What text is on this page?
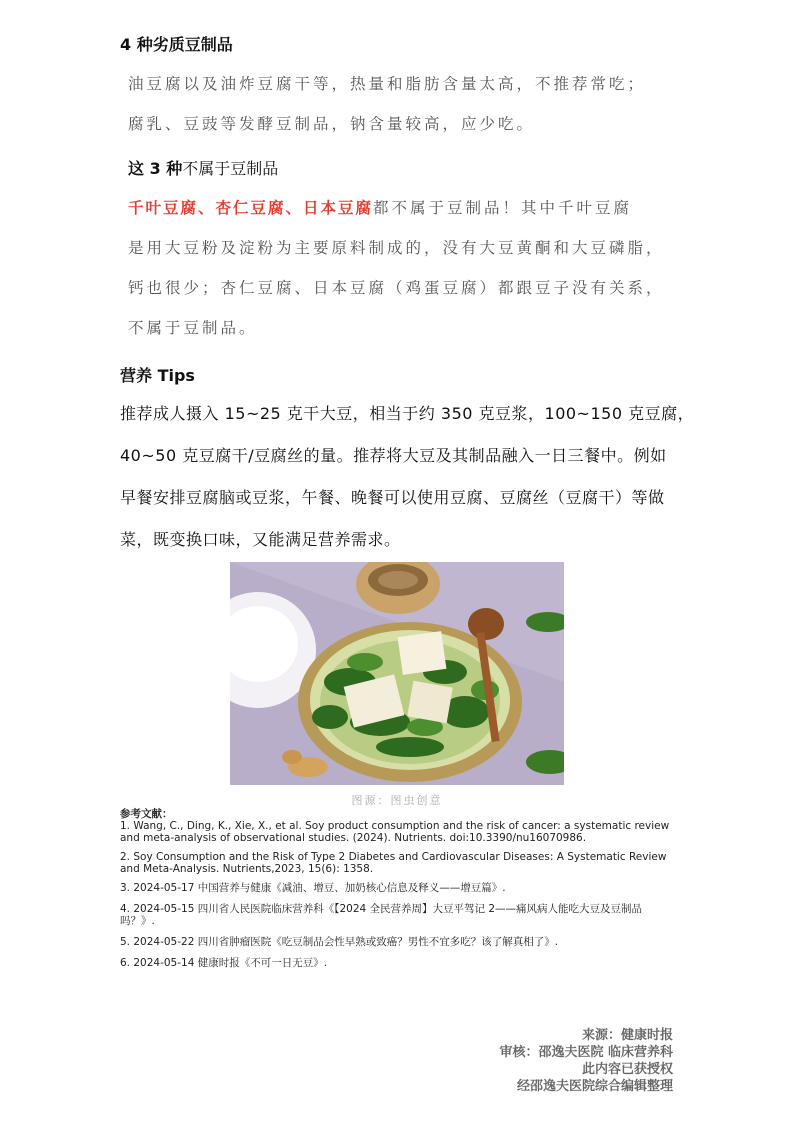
4 种劣质豆制品
油豆腐以及油炸豆腐干等，热量和脂肪含量太高，不推荐常吃；
腐乳、豆豉等发酵豆制品，钠含量较高，应少吃。
这 3 种不属于豆制品
千叶豆腐、杏仁豆腐、日本豆腐都不属于豆制品！其中千叶豆腐
是用大豆粉及淀粉为主要原料制成的，没有大豆黄酮和大豆磷脂，
钙也很少；杏仁豆腐、日本豆腐（鸡蛋豆腐）都跟豆子没有关系，
不属于豆制品。
营养 Tips
推荐成人摄入 15~25 克干大豆，相当于约 350 克豆浆，100~150 克豆腐，
40~50 克豆腐干/豆腐丝的量。推荐将大豆及其制品融入一日三餐中。例如
早餐安排豆腐脑或豆浆，午餐、晚餐可以使用豆腐、豆腐丝（豆腐干）等做
菜，既变换口味，又能满足营养需求。
图源：图虫创意

参考文献：

1. Wang, C., Ding, K., Xie, X., et al. Soy product consumption and the risk of cancer: a systematic review and meta-analysis of observational studies. (2024). Nutrients. doi:10.3390/nu16070986.

2. Soy Consumption and the Risk of Type 2 Diabetes and Cardiovascular Diseases: A Systematic Review and Meta-Analysis. Nutrients,2023, 15(6): 1358.

3. 2024-05-17 中国营养与健康《减油、增豆、加奶核心信息及释义——增豆篇》.

4. 2024-05-15 四川省人民医院临床营养科《【2024 全民营养周】大豆平驾记 2——痛风病人能吃大豆及豆制品吗？》.

5. 2024-05-22 四川省肿瘤医院《吃豆制品会性早熟或致癌？男性不宜多吃？该了解真相了》.

6. 2024-05-14 健康时报《不可一日无豆》.

来源：健康时报
审核：邵逸夫医院 临床营养科
此内容已获授权
经邵逸夫医院综合编辑整理
